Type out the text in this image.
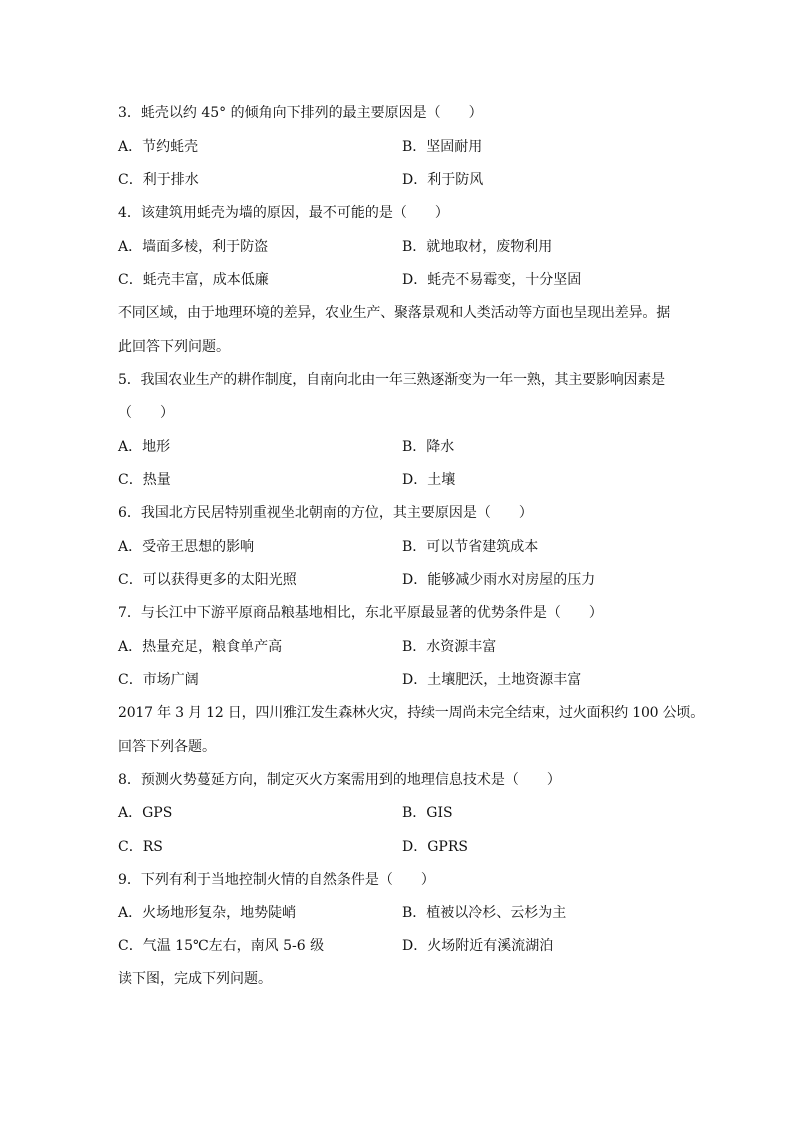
3．蚝壳以约 45° 的倾角向下排列的最主要原因是（　　）
A．节约蚝壳	B．坚固耐用
C．利于排水	D．利于防风
4．该建筑用蚝壳为墙的原因，最不可能的是（　　）
A．墙面多棱，利于防盗	B．就地取材，废物利用
C．蚝壳丰富，成本低廉	D．蚝壳不易霉变，十分坚固
不同区域，由于地理环境的差异，农业生产、聚落景观和人类活动等方面也呈现出差异。据
此回答下列问题。
5．我国农业生产的耕作制度，自南向北由一年三熟逐渐变为一年一熟，其主要影响因素是
（　　）
A．地形	B．降水
C．热量	D．土壤
6．我国北方民居特别重视坐北朝南的方位，其主要原因是（　　）
A．受帝王思想的影响	B．可以节省建筑成本
C．可以获得更多的太阳光照	D．能够减少雨水对房屋的压力
7．与长江中下游平原商品粮基地相比，东北平原最显著的优势条件是（　　）
A．热量充足，粮食单产高	B．水资源丰富
C．市场广阔	D．土壤肥沃，土地资源丰富
2017 年 3 月 12 日，四川雅江发生森林火灾，持续一周尚未完全结束，过火面积约 100 公顷。
回答下列各题。
8．预测火势蔓延方向，制定灭火方案需用到的地理信息技术是（　　）
A．GPS	B．GIS
C．RS	D．GPRS
9．下列有利于当地控制火情的自然条件是（　　）
A．火场地形复杂，地势陡峭	B．植被以冷杉、云杉为主
C．气温 15℃左右，南风 5-6 级	D．火场附近有溪流湖泊
读下图，完成下列问题。
